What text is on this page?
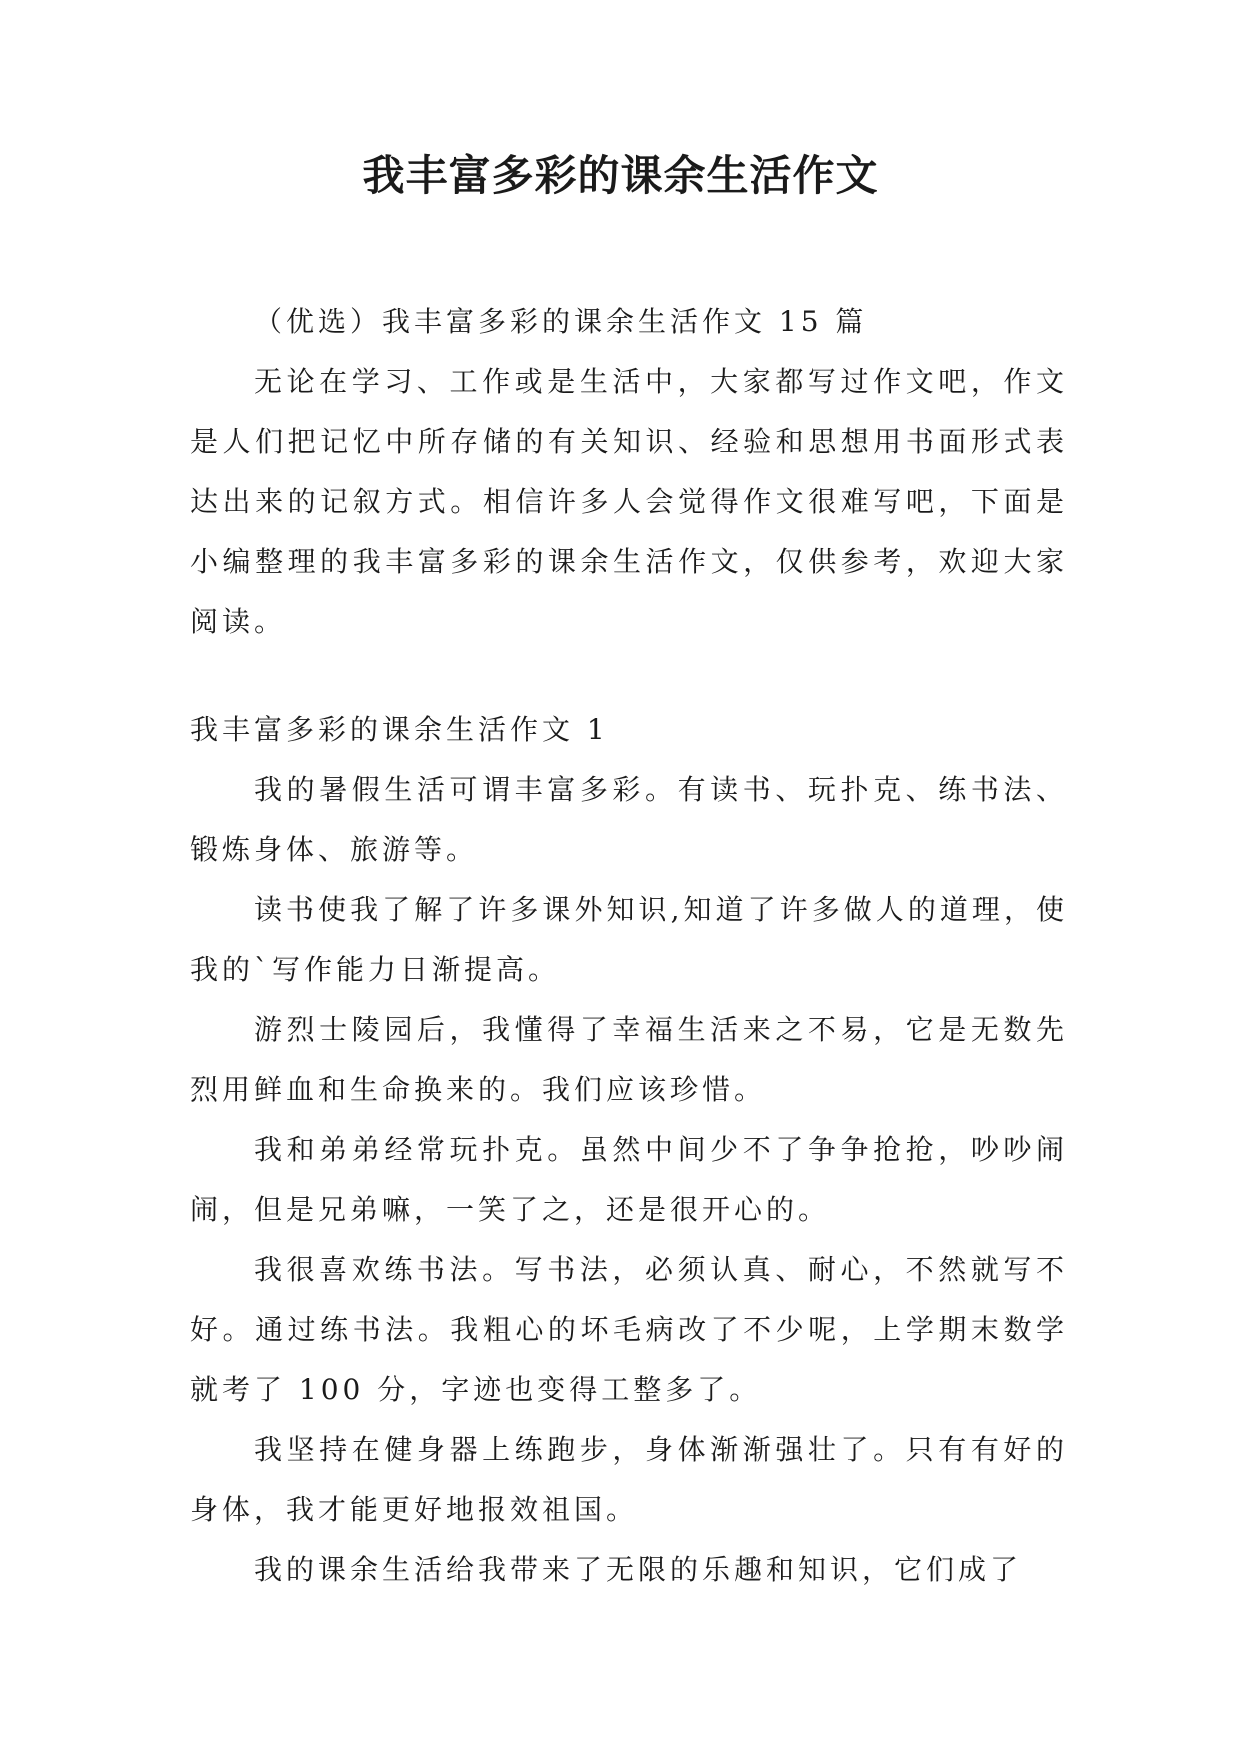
我丰富多彩的课余生活作文

（优选）我丰富多彩的课余生活作文 15 篇

无论在学习、工作或是生活中，大家都写过作文吧，作文是人们把记忆中所存储的有关知识、经验和思想用书面形式表达出来的记叙方式。相信许多人会觉得作文很难写吧，下面是小编整理的我丰富多彩的课余生活作文，仅供参考，欢迎大家阅读。

我丰富多彩的课余生活作文 1

我的暑假生活可谓丰富多彩。有读书、玩扑克、练书法、锻炼身体、旅游等。

读书使我了解了许多课外知识,知道了许多做人的道理，使我的`写作能力日渐提高。

游烈士陵园后，我懂得了幸福生活来之不易，它是无数先烈用鲜血和生命换来的。我们应该珍惜。

我和弟弟经常玩扑克。虽然中间少不了争争抢抢，吵吵闹闹，但是兄弟嘛，一笑了之，还是很开心的。

我很喜欢练书法。写书法，必须认真、耐心，不然就写不好。通过练书法。我粗心的坏毛病改了不少呢，上学期末数学就考了 100 分，字迹也变得工整多了。

我坚持在健身器上练跑步，身体渐渐强壮了。只有有好的身体，我才能更好地报效祖国。

我的课余生活给我带来了无限的乐趣和知识，它们成了
